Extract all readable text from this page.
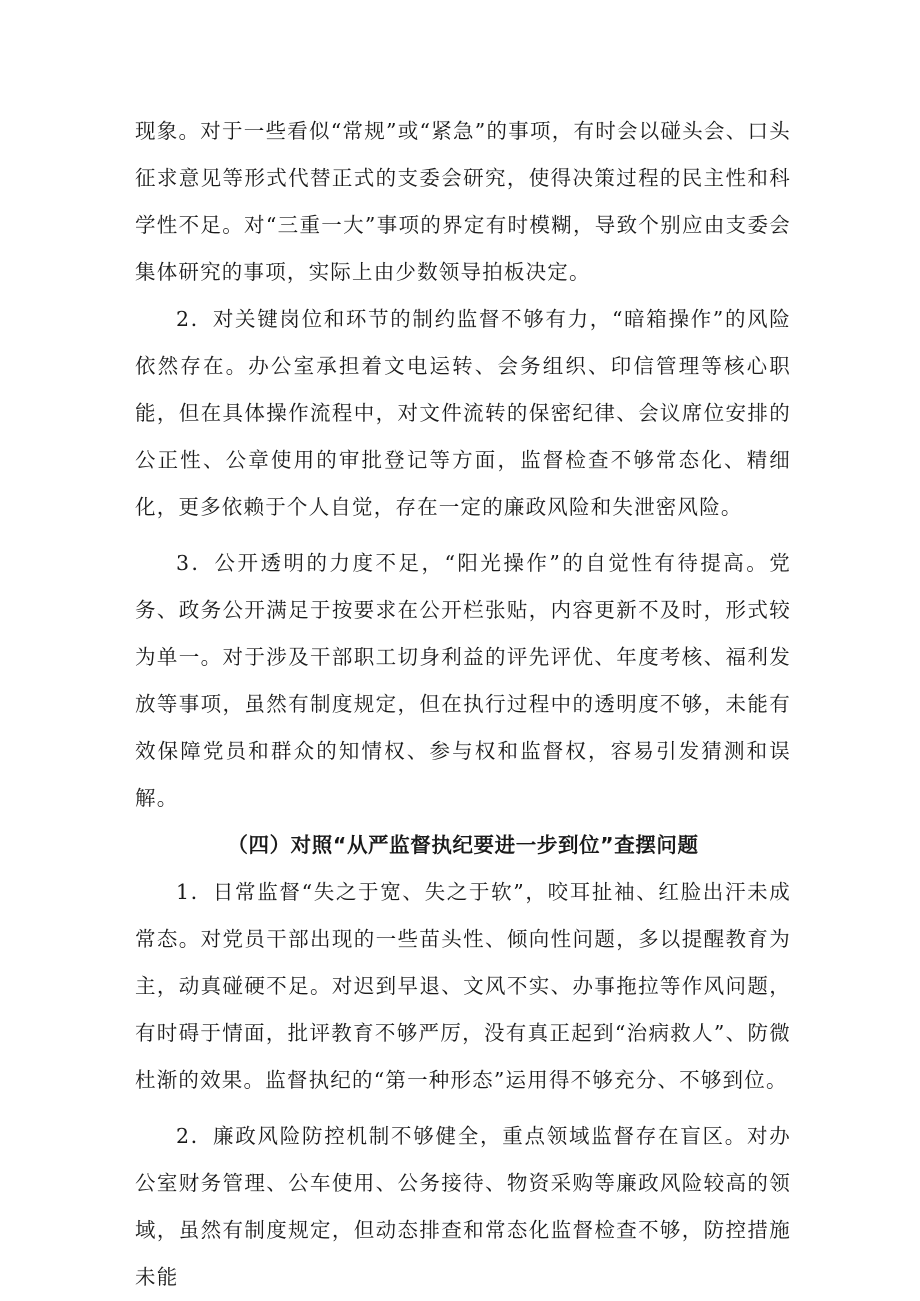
现象。对于一些看似“常规”或“紧急”的事项，有时会以碰头会、口头征求意见等形式代替正式的支委会研究，使得决策过程的民主性和科学性不足。对“三重一大”事项的界定有时模糊，导致个别应由支委会集体研究的事项，实际上由少数领导拍板决定。

2．对关键岗位和环节的制约监督不够有力，“暗箱操作”的风险依然存在。办公室承担着文电运转、会务组织、印信管理等核心职能，但在具体操作流程中，对文件流转的保密纪律、会议席位安排的公正性、公章使用的审批登记等方面，监督检查不够常态化、精细化，更多依赖于个人自觉，存在一定的廉政风险和失泄密风险。

3．公开透明的力度不足，“阳光操作”的自觉性有待提高。党务、政务公开满足于按要求在公开栏张贴，内容更新不及时，形式较为单一。对于涉及干部职工切身利益的评先评优、年度考核、福利发放等事项，虽然有制度规定，但在执行过程中的透明度不够，未能有效保障党员和群众的知情权、参与权和监督权，容易引发猜测和误解。

（四）对照“从严监督执纪要进一步到位”查摆问题

1．日常监督“失之于宽、失之于软”，咬耳扯袖、红脸出汗未成常态。对党员干部出现的一些苗头性、倾向性问题，多以提醒教育为主，动真碰硬不足。对迟到早退、文风不实、办事拖拉等作风问题，有时碍于情面，批评教育不够严厉，没有真正起到“治病救人”、防微杜渐的效果。监督执纪的“第一种形态”运用得不够充分、不够到位。

2．廉政风险防控机制不够健全，重点领域监督存在盲区。对办公室财务管理、公车使用、公务接待、物资采购等廉政风险较高的领域，虽然有制度规定，但动态排查和常态化监督检查不够，防控措施未能
